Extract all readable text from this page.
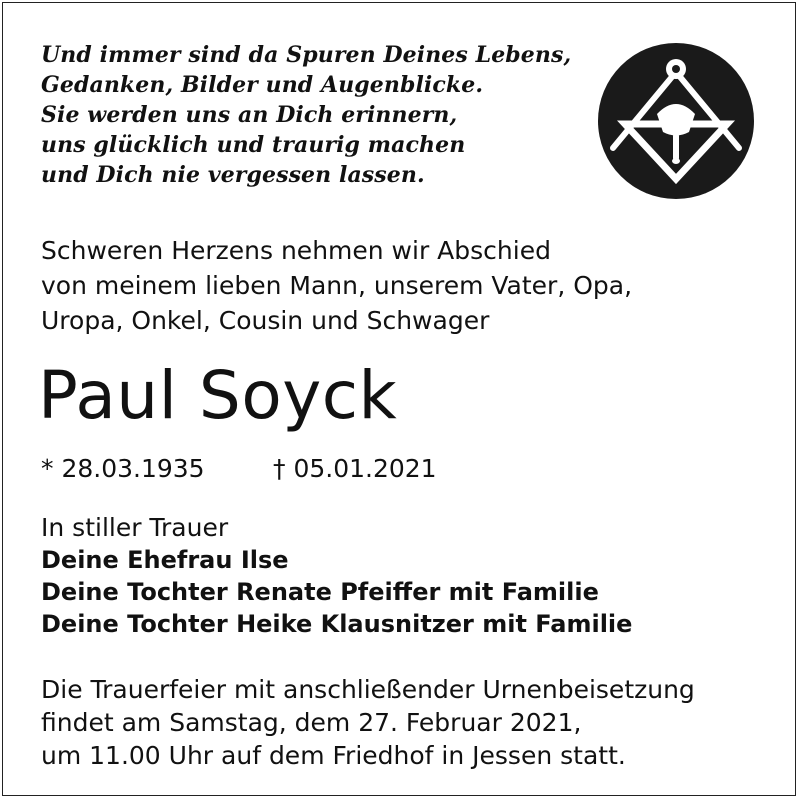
Und immer sind da Spuren Deines Lebens,
Gedanken, Bilder und Augenblicke.
Sie werden uns an Dich erinnern,
uns glücklich und traurig machen
und Dich nie vergessen lassen.
Schweren Herzens nehmen wir Abschied
von meinem lieben Mann, unserem Vater, Opa,
Uropa, Onkel, Cousin und Schwager
Paul Soyck
* 28.03.1935	† 05.01.2021
In stiller Trauer
Deine Ehefrau Ilse
Deine Tochter Renate Pfeiffer mit Familie
Deine Tochter Heike Klausnitzer mit Familie
Die Trauerfeier mit anschließender Urnenbeisetzung
findet am Samstag, dem 27. Februar 2021,
um 11.00 Uhr auf dem Friedhof in Jessen statt.
